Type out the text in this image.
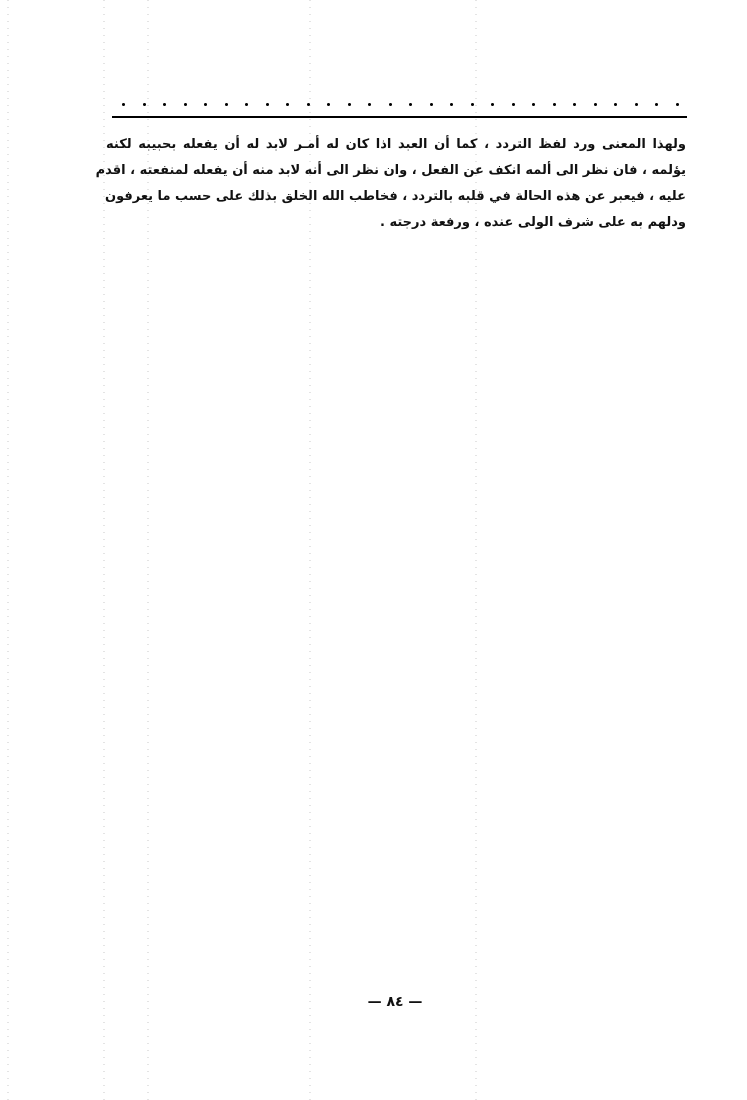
ولهذا المعنى ورد لفظ التردد ، كما أن العبد اذا كان له أمـر لابد له أن يفعله بحبيبه لكنه
يؤلمه ، فان نظر الى ألمه انكف عن الفعل ، وان نظر الى أنه لابد منه أن يفعله لمنفعته ، اقدم
عليه ، فيعبر عن هذه الحالة في قلبه بالتردد ، فخاطب الله الخلق بذلك على حسب ما يعرفون
ودلهم به على شرف الولى عنده ، ورفعة درجته .
— ٨٤ —
